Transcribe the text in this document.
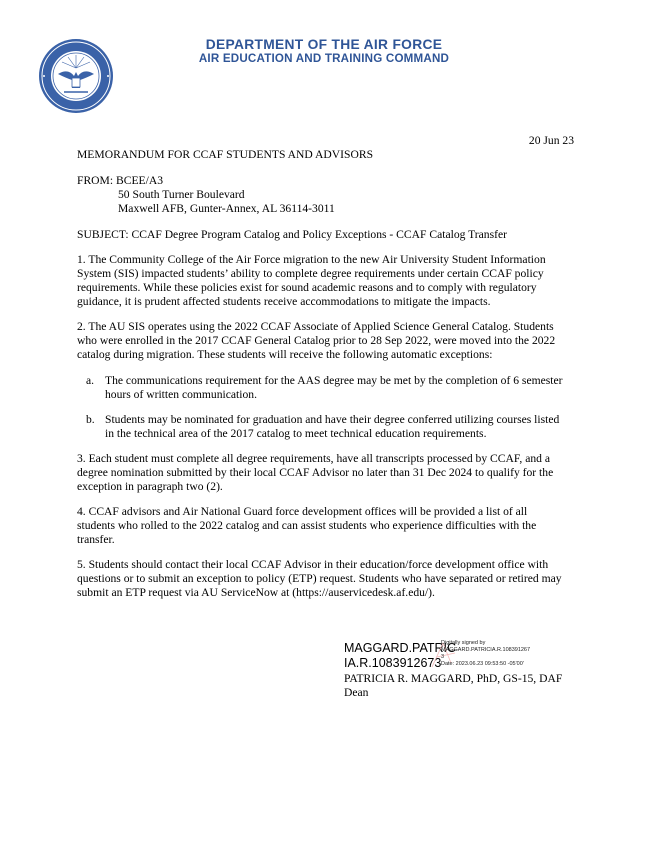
DEPARTMENT OF THE AIR FORCE
AIR EDUCATION AND TRAINING COMMAND
20 Jun 23
MEMORANDUM FOR CCAF STUDENTS AND ADVISORS
FROM: BCEE/A3
50 South Turner Boulevard
Maxwell AFB, Gunter-Annex, AL 36114-3011
SUBJECT: CCAF Degree Program Catalog and Policy Exceptions - CCAF Catalog Transfer
1. The Community College of the Air Force migration to the new Air University Student Information
System (SIS) impacted students’ ability to complete degree requirements under certain CCAF policy
requirements. While these policies exist for sound academic reasons and to comply with regulatory
guidance, it is prudent affected students receive accommodations to mitigate the impacts.
2. The AU SIS operates using the 2022 CCAF Associate of Applied Science General Catalog. Students
who were enrolled in the 2017 CCAF General Catalog prior to 28 Sep 2022, were moved into the 2022
catalog during migration. These students will receive the following automatic exceptions:
a. The communications requirement for the AAS degree may be met by the completion of 6 semester
hours of written communication.
b. Students may be nominated for graduation and have their degree conferred utilizing courses listed
in the technical area of the 2017 catalog to meet technical education requirements.
3. Each student must complete all degree requirements, have all transcripts processed by CCAF, and a
degree nomination submitted by their local CCAF Advisor no later than 31 Dec 2024 to qualify for the
exception in paragraph two (2).
4. CCAF advisors and Air National Guard force development offices will be provided a list of all
students who rolled to the 2022 catalog and can assist students who experience difficulties with the
transfer.
5. Students should contact their local CCAF Advisor in their education/force development office with
questions or to submit an exception to policy (ETP) request. Students who have separated or retired may
submit an ETP request via AU ServiceNow at (https://auservicedesk.af.edu/).
MAGGARD.PATRIC
IA.R.1083912673
Digitally signed by
MAGGARD.PATRICIA.R.108391267
3
Date: 2023.06.23 09:53:50 -05'00'
PATRICIA R. MAGGARD, PhD, GS-15, DAF
Dean
